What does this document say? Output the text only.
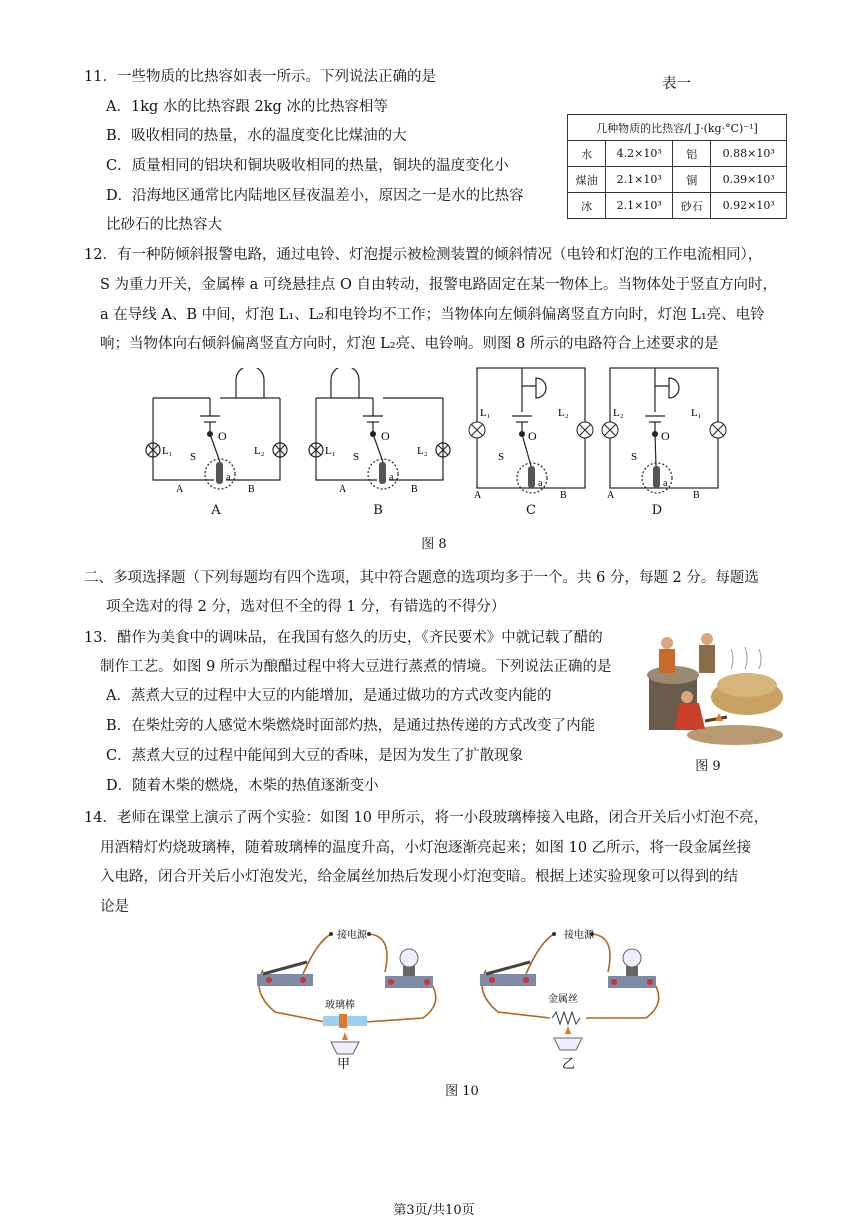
11．一些物质的比热容如表一所示。下列说法正确的是
A．1kg 水的比热容跟 2kg 冰的比热容相等
B．吸收相同的热量，水的温度变化比煤油的大
C．质量相同的铝块和铜块吸收相同的热量，铜块的温度变化小
D．沿海地区通常比内陆地区昼夜温差小，原因之一是水的比热容
比砂石的比热容大
表一
几种物质的比热容/[ J·(kg·°C)⁻¹]			
水	4.2×10³	铝	0.88×10³
煤油	2.1×10³	铜	0.39×10³
冰	2.1×10³	砂石	0.92×10³
12．有一种防倾斜报警电路，通过电铃、灯泡提示被检测装置的倾斜情况（电铃和灯泡的工作电流相同），
S 为重力开关，金属棒 a 可绕悬挂点 O 自由转动，报警电路固定在某一物体上。当物体处于竖直方向时，
a 在导线 A、B 中间，灯泡 L₁、L₂和电铃均不工作；当物体向左倾斜偏离竖直方向时，灯泡 L₁亮、电铃
响；当物体向右倾斜偏离竖直方向时，灯泡 L₂亮、电铃响。则图 8 所示的电路符合上述要求的是
O
L₁	L₂
S
a
A	B
A
O
L₁	L₂
S
a
A	B
B
O
L₁	L₂
S
a
A	B
C
O
L₂	L₁
S
a
A	B
D
图 8
二、多项选择题（下列每题均有四个选项，其中符合题意的选项均多于一个。共 6 分，每题 2 分。每题选
项全选对的得 2 分，选对但不全的得 1 分，有错选的不得分）
13．醋作为美食中的调味品，在我国有悠久的历史，《齐民要术》中就记载了醋的
制作工艺。如图 9 所示为酿醋过程中将大豆进行蒸煮的情境。下列说法正确的是
A．蒸煮大豆的过程中大豆的内能增加，是通过做功的方式改变内能的
B．在柴灶旁的人感觉木柴燃烧时面部灼热，是通过热传递的方式改变了内能
C．蒸煮大豆的过程中能闻到大豆的香味，是因为发生了扩散现象
D．随着木柴的燃烧，木柴的热值逐渐变小
图 9
14．老师在课堂上演示了两个实验：如图 10 甲所示，将一小段玻璃棒接入电路，闭合开关后小灯泡不亮，
用酒精灯灼烧玻璃棒，随着玻璃棒的温度升高，小灯泡逐渐亮起来；如图 10 乙所示，将一段金属丝接
入电路，闭合开关后小灯泡发光，给金属丝加热后发现小灯泡变暗。根据上述实验现象可以得到的结
论是
接电源
玻璃棒
甲
接电源
金属丝
乙
图 10
第3页/共10页
